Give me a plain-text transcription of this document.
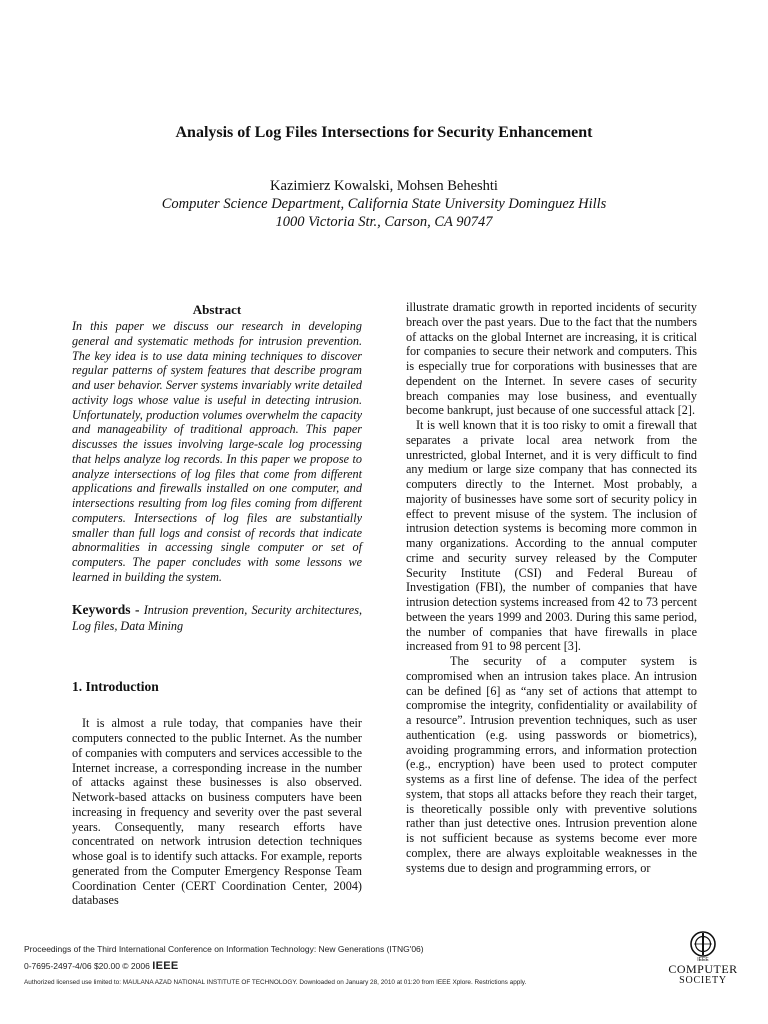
Analysis of Log Files Intersections for Security Enhancement
Kazimierz Kowalski, Mohsen Beheshti
Computer Science Department, California State University Dominguez Hills
1000 Victoria Str., Carson, CA 90747
Abstract

In this paper we discuss our research in developing general and systematic methods for intrusion prevention. The key idea is to use data mining techniques to discover regular patterns of system features that describe program and user behavior. Server systems invariably write detailed activity logs whose value is useful in detecting intrusion. Unfortunately, production volumes overwhelm the capacity and manageability of traditional approach. This paper discusses the issues involving large-scale log processing that helps analyze log records. In this paper we propose to analyze intersections of log files that come from different applications and firewalls installed on one computer, and intersections resulting from log files coming from different computers. Intersections of log files are substantially smaller than full logs and consist of records that indicate abnormalities in accessing single computer or set of computers. The paper concludes with some lessons we learned in building the system.

Keywords - Intrusion prevention, Security architectures, Log files, Data Mining

1. Introduction

It is almost a rule today, that companies have their computers connected to the public Internet. As the number of companies with computers and services accessible to the Internet increase, a corresponding increase in the number of attacks against these businesses is also observed. Network-based attacks on business computers have been increasing in frequency and severity over the past several years. Consequently, many research efforts have concentrated on network intrusion detection techniques whose goal is to identify such attacks. For example, reports generated from the Computer Emergency Response Team Coordination Center (CERT Coordination Center, 2004) databases

illustrate dramatic growth in reported incidents of security breach over the past years. Due to the fact that the numbers of attacks on the global Internet are increasing, it is critical for companies to secure their network and computers. This is especially true for corporations with businesses that are dependent on the Internet. In severe cases of security breach companies may lose business, and eventually become bankrupt, just because of one successful attack [2].

It is well known that it is too risky to omit a firewall that separates a private local area network from the unrestricted, global Internet, and it is very difficult to find any medium or large size company that has connected its computers directly to the Internet. Most probably, a majority of businesses have some sort of security policy in effect to prevent misuse of the system. The inclusion of intrusion detection systems is becoming more common in many organizations. According to the annual computer crime and security survey released by the Computer Security Institute (CSI) and Federal Bureau of Investigation (FBI), the number of companies that have intrusion detection systems increased from 42 to 73 percent between the years 1999 and 2003. During this same period, the number of companies that have firewalls in place increased from 91 to 98 percent [3].

The security of a computer system is compromised when an intrusion takes place. An intrusion can be defined [6] as “any set of actions that attempt to compromise the integrity, confidentiality or availability of a resource”. Intrusion prevention techniques, such as user authentication (e.g. using passwords or biometrics), avoiding programming errors, and information protection (e.g., encryption) have been used to protect computer systems as a first line of defense. The idea of the perfect system, that stops all attacks before they reach their target, is theoretically possible only with preventive solutions rather than just detective ones. Intrusion prevention alone is not sufficient because as systems become ever more complex, there are always exploitable weaknesses in the systems due to design and programming errors, or

Proceedings of the Third International Conference on Information Technology: New Generations (ITNG'06)
0-7695-2497-4/06 $20.00 © 2006 IEEE
Authorized licensed use limited to: MAULANA AZAD NATIONAL INSTITUTE OF TECHNOLOGY. Downloaded on January 28, 2010 at 01:20 from IEEE Xplore. Restrictions apply.
IEEE
COMPUTER
SOCIETY
